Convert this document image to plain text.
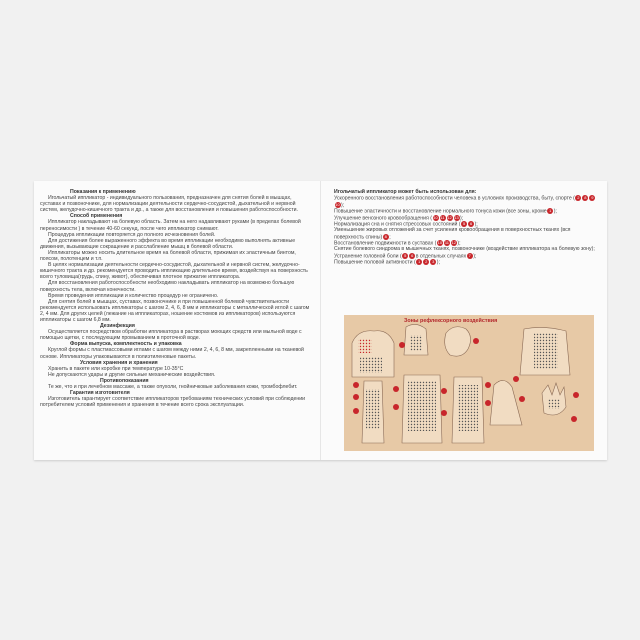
Показания к применению
Игольчатый иппликатор - индивидуального пользования, предназначен для снятия болей в мышцах, суставах и позвоночнике, для нормализации деятельности сердечно-сосудистой, дыхательной и нервной систем, желудочно-кишечного тракта и др., а также для восстановления и повышения работоспособности.
Способ применения
Иппликатор накладывают на болевую область. Затем на него надавливают руками (в пределах болевой переносимости ) в течение 40-60 секунд, после чего иппликатор снимают.
Процедура иппликации повторяется до полного исчезновения болей.
Для достижения более выраженного эффекта во время иппликации необходимо выполнять активные движения, вызывающие сокращение и расслабление мышц в болевой области.
Иппликаторы можно носить длительное время на болевой области, прижимая их эластичным бинтом, поясом, полотенцем и т.п.
В целях нормализации деятельности сердечно-сосудистой, дыхательной и нервной систем, желудочно-кишечного тракта и др. рекомендуется проводить иппликацию длительное время, воздействуя на поверхность всего туловища(грудь, спину, живот), обеспечивая плотное прижатие иппликатора.
Для восстановления работоспособности необходимо накладывать иппликатор на возможно большую поверхность тела, включая конечности.
Время проведения иппликации и количество процедур не ограничено.
Для снятия болей в мышцах, суставах, позвоночнике и при повышенной болевой чувствительности рекомендуется использовать иппликаторы с шагом 2, 4, 6, 8 мм и иппликаторы с металлической иглой с шагом 2, 4 мм. Для других целей (лежание на иппликаторах, ношение костюмов из иппликаторов) используются иппликаторы с шагом 6,8 мм.
Дезинфекция
Осуществляется посредством обработки иппликатора в растворах моющих средств или мыльной воде с помощью щетки, с последующим промыванием в проточной воде.
Форма выпуска, комплектность и упаковка
Круглой формы с пластмассовыми иглами с шагом между ними 2, 4, 6, 8 мм, закрепленными на тканевой основе. Иппликаторы упаковываются в полиэтиленовые пакеты.
Условия хранения и хранения
Хранить в пакете или коробке при температуре 10-35°С
Не допускаются удары и другие сильные механические воздействия.
Противопоказания
Те же, что и при лечебном массаже, а также опухоли, гнойничковые заболевания кожи, тромбофлебит.
Гарантия изготовителя
Изготовитель гарантирует соответствие иппликаторов требованиям технических условий при соблюдении потребителем условий применения и хранения в течение всего срока эксплуатации.
Игольчатый иппликатор может быть использован для:
Ускоренного восстановления работоспособности человека в условиях производства, быту, спорте ( 2 8 910);
Повышение эластичности и восстановление нормального тонуса кожи (все зоны, кроме 1 );
Улучшение венозного кровообращения (10 11 12 13);
Нормализация сна и снятия стрессовых состояний ( 5 6 );
Уменьшение жировых отложений за счет усиления кровообращения в поверхностных тканях (вся поверхность спины) 8 ;
Восстановление подвижности в суставах (10 11 12);
Снятие болевого синдрома в мышечных тканях, позвоночнике (воздействие иппликатора на болевую зону);
Устранение головной боли ( 5 6 в отдельных случаях 7 );
Повышение половой активности ( 1 2 3 );
Зоны рефлексорного воздействия
